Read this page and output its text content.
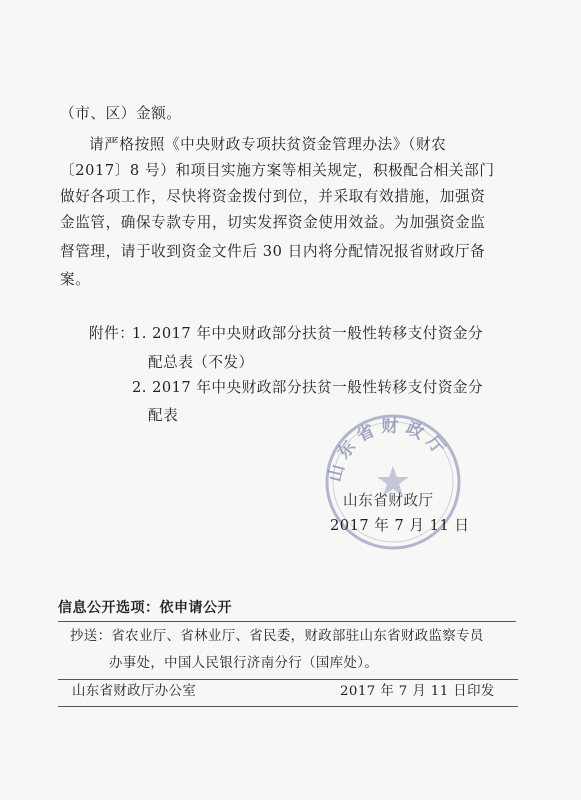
（市、区）金额。
请严格按照《中央财政专项扶贫资金管理办法》（财农
〔2017〕8 号）和项目实施方案等相关规定，积极配合相关部门
做好各项工作，尽快将资金拨付到位，并采取有效措施，加强资
金监管，确保专款专用，切实发挥资金使用效益。为加强资金监
督管理，请于收到资金文件后 30 日内将分配情况报省财政厅备
案。
附件：
1. 2017 年中央财政部分扶贫一般性转移支付资金分
配总表（不发）
2. 2017 年中央财政部分扶贫一般性转移支付资金分
配表
山东省财政厅
山东省财政厅
2017 年 7 月 11 日
信息公开选项：依申请公开
抄送：省农业厅、省林业厅、省民委，财政部驻山东省财政监察专员
办事处，中国人民银行济南分行（国库处）。
山东省财政厅办公室	2017 年 7 月 11 日印发
